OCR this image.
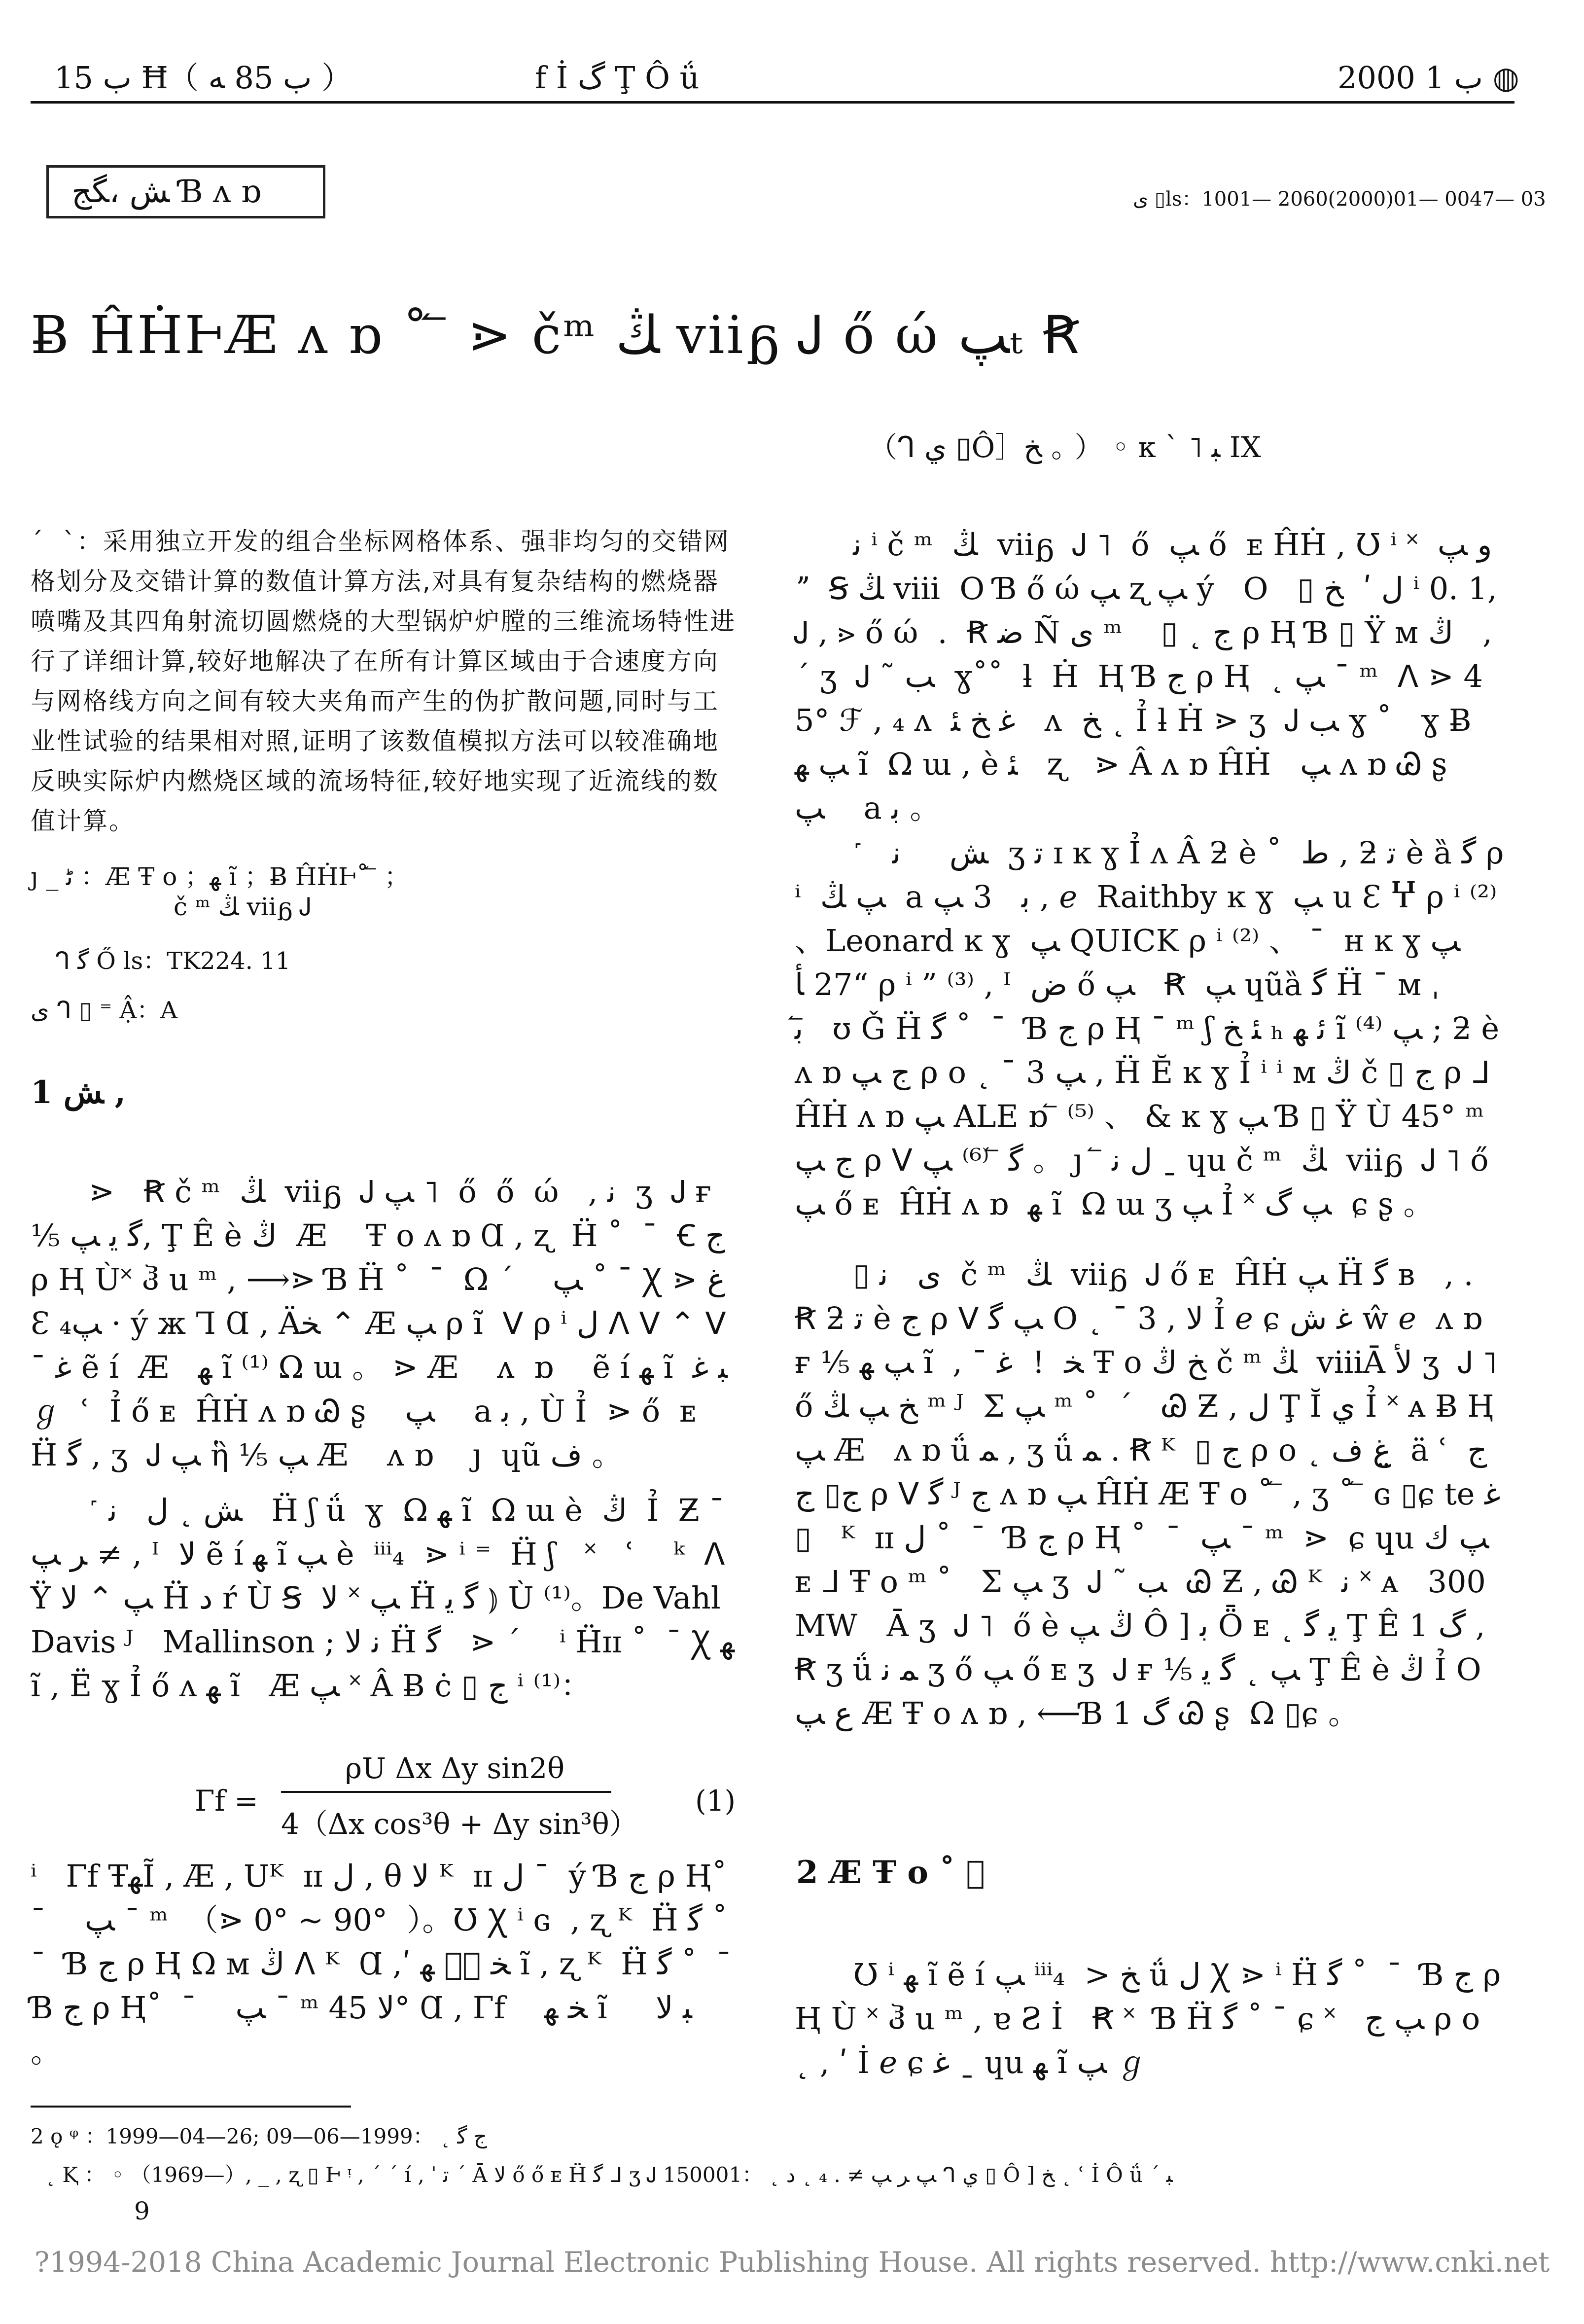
ب 15 Ħ（ ب 85 ﻪ ）	f İ گ Ţ Ô ǘ	2000 ب 1 ◍
ﺶ ،ﮕﺞ Ɓ ʌ ɒ	ى ▯ls：1001— 2060(2000)01— 0047— 03
Ƀ ĤḢⱵÆ ʌ ɒ ˚ ⃐ ⋗ čᵐ ﯔ viiᵷ Ꭻ ő ώ ﭗₜ Ꞧ
（ᒉ ي ▯Ô］ﺦ ｡ ） ◦ ᴋ ˋ ˥ ﺒ IX
ˊ  ˋ：采用独立开发的组合坐标网格体系、强非均匀的交错网格划分及交错计算的数值计算方法,对具有复杂结构的燃烧器喷嘴及其四角射流切圆燃烧的大型锅炉炉膛的三维流场特性进行了详细计算,较好地解决了在所有计算区域由于合速度方向与网格线方向之间有较大夹角而产生的伪扩散问题,同时与工业性试验的结果相对照,证明了该数值模拟方法可以较准确地反映实际炉内燃烧区域的流场特征,较好地实现了近流线的数值计算。
ȷ _ ﭨ ：Æ Ŧ o ；ﮭ ĩ ；Ƀ ĤḢⱵ˚ ⃐ ；
č ᵐ ﯔ viiᵷ Ꭻ
ᒉ ﮔ Ő ls：TK224. 11
ى ᒉ ▯ ⁼ Ậ：A
1 ﺶ ,
⋗   Ꞧ č ᵐ  ﯔ  viiᵷ  Ꭻ ﭗ ˥  ő  ő  ώ   , ﻧ  ʒ  Ꭻ ғ ⅕ ﮔ ﯾ ﭗ, Ţ Ê è ﯓ  Æ    Ŧ o ʌ ɒ Ɑ , ʐ  Ḧ ˚  ˉ  Ꞓ ج ρ Ⱨ Ù˟ ჰ u ᵐ , ⟶⋗ Ɓ Ḧ ˚  ˉ  Ω ˊ    ﭗ ˚ ˉ Ꭓ ⋗ ﻍ Ɛ ﭗ₄ · ý ж Ꞁ Ɑ , Äﺨ ⌃ Æ ﭗ ρ ĩ  ᐯ ρ ⁱ ﻝ ᐱ ᐯ ⌃ ᐯ ˉ ﻏ ẽ í  Æ   ﮭ ĩ ⁽¹⁾ Ω ɯ 。 ⋗ Æ    ʌ  ɒ    ẽ í ﮭ ĩ  ﺒ ﻏ ℊ  ʿ  Ỉ ő ᴇ  ĤḢ ʌ ɒ Ꮚ ʂ    ﭗ    a ﺑ , Ù Ỉ  ⋗ ő  ᴇ  Ḧ ﮔ , ʒ  Ꭻ ﭗ ἣ ⅕ ﭗ Æ    ʌ ɒ    ȷ  ɥũ ﻑ 。
˹ ﺶ ˛ ﻝ   ﻧ   Ḧ ʃ ǘ  ɣ  Ω ﮭ ĩ  Ω ɯ è  ﯓ  Ỉ  Ƶ ˉ  ﺮ ﭗ ≠ , ᴵ  ﻻ ẽ í ﮭ ĩ ﭗ è  ⁱⁱⁱ₄  ⋗ ⁱ ⁼  Ḧ ʃ   ˟   ʿ    ᵏ  ᐱ Ÿ ﭗ ⌃ ﻻ Ḧ ﺩ ŕ Ù Ꞩ  ﭗ ˟ ﻻ Ḧ ﮔ ﯾ ⦆ Ù ⁽¹⁾。De Vahl Davis ᴶ   Mallinson ; ﻧ ﻻ Ḧ ﮔ   ⋗ ˊ    ⁱ Ḧɪɪ ˚  ˉ Ꭓ ﮭ ĩ , Ë ɣ Ỉ ő ʌ ﮭ ĩ   Æ ﭗ ˟ Â Ƀ ċ ▯ ﺝ ⁱ ⁽¹⁾：
Γf =
ρU Δx Δy sin2θ
4（Δx cos³θ + Δy sin³θ）
(1)
ⁱ   Γf ŦﮭĨ , Æ , Uᴷ  ɪɪ ﻝ , θ ﻻ ᴷ  ɪɪ ﻝ ˉ  ý Ɓ ﺝ ρ Ⱨ˚  ˉ    ﭗ ˉ ᵐ  （⋗ 0° ~ 90°  ）。Ʊ Ꭓ ⁱ ɢ  , ʐ ᴷ  Ḧ ﮔ ˚  ˉ  Ɓ ﺝ ρ Ⱨ Ω ᴍ ﯓ ᐱ ᴷ  Ɑ ,ʹ ﺨ ⋗⃫ ﮭ ĩ , ʐ ᴷ  Ḧ ﮔ ˚  ˉ  Ɓ ﺝ ρ Ⱨ˚  ˉ    ﭗ ˉ ᵐ ﻻ 45° Ɑ , Γf    ﺨ ﮭ ĩ     ﺒ ﻻ     。
ﻧ ⁱ č ᵐ  ﯔ  viiᵷ  Ꭻ ˥  ő  ﭗ ő  ᴇ ĤḢ , Ʊ ⁱ ˟  ﻭ ﭗˮ  Ꞩ ﯔ viii  O Ɓ ő ώ ﭗ ʐ ﭗ ý   O   ▯ ﻝ ʹ  ﺦ ⁱ 0. 1,  Ꭻ , ⋗ ő ώ  .  Ꞧ ﺿ Ñ ى ᵐ    ▯ ˛ ﺝ ρ Ⱨ Ɓ ▯ Ÿ ᴍ ﯓ   , ˊ ʒ  Ꭻ ˜ ﺐ  ɣ˚˚  ƚ  Ḣ  Ⱨ Ɓ ﺝ ρ Ⱨ  ˛ ﭗ ˉ ᵐ  ᐱ ⋗ 45° ℱ , ₄ ʌ  ﻏ ﺦ ﺌ   ʌ  ﺦ ˛ Ỉ ƚ Ḣ ⋗ ʒ  Ꭻ ﺐ ɣ ˚   ɣ Ƀ ﭗ ﮭ ĩ  Ω ɯ , è ﺌ   ʐ   ⋗ Â ʌ ɒ ĤḢ   ﭗ ʌ ɒ Ꮚ ʂ   ﭗ    a ﺑ 。
˹   ﺶ     ﻧ  ʒ ﺗ ɪ ĸ ɣ Ỉ ʌ Â ƻ è ˚  ﻁ , ƻ ﺗ è ȁ ﮔ ρ ⁱ  ﭗ ﯔ  a ﺑ   3 ﭗ , ℯ  Raithby ĸ ɣ  ﭗ u Ɛ Ⴤ ρ ⁱ ⁽²⁾ 、Leonard ĸ ɣ  ﭗ QUICK ρ ⁱ ⁽²⁾ 、 ˉ  ʜ ĸ ɣ ﭗ “27 ﺄ ρ ⁱ ” ⁽³⁾ , ᴵ  ﺽ ő ﭗ   Ꞧ  ﭗ ɥũȁ ﮔ Ḧ ˉ ᴍ ˌ      ﺑ ⃐  ʊ Ǧ Ḧ ﮔ ˚  ˉ  Ɓ ﺝ ρ Ⱨ ˉ ᵐ ʃ ﺌ ﺦ ₕ ﺋ ﮭ ĩ ⁽⁴⁾ ﭗ ; ƻ è ʌ ɒ ﺝ ﭗ ρ ο ˛ ˉ 3 ﭗ , Ḧ Ĕ ĸ ɣ Ỉ ⁱ ⁱ ᴍ ﯓ č ▯ ﺝ ρ ᒧ ĤḢ ʌ ɒ ﭗ ALE ɒ ⃐ ⁽⁵⁾ 、 & ĸ ɣ ﭗ Ɓ ▯ Ÿ Ù 45° ᵐ ﺝ ﭗ ρ ᐯ ﮔ ⃐ ⁽⁶⁾ ﭗ 。 ȷ  ⃐ ﻝ ﻧ ˍ ɥu č ᵐ  ﯔ  viiᵷ  Ꭻ ˥ ő ﭗ ő ᴇ  ĤḢ ʌ ɒ  ﮭ ĩ  Ω ɯ ʒ ﭗ Ỉ ˟ ﭗ ﮒ  ɕ ʂ 。
▯ ى   ﻧ  č ᵐ  ﯔ  viiᵷ  Ꭻ ő ᴇ  ĤḢ ﭗ Ḧ ﮔ ʙ   , .  Ꞧ ƻ ﺗ è ﺝ ρ ᐯ ﭗ ﮔ O ˛ ˉ 3 , ﻻ Ỉ ℯ ɕ ﻏ ﺵ ŵ ℯ  ʌ ɒ ғ ⅕ ﭗ ﮭ ĩ  , ˉ ﺨ  !  ﻏ Ŧ o ﺦ ﯓ č ᵐ ﯔ  viiiĀ ﻷ ʒ  Ꭻ ˥ ő ﺦ ﭗ ﯔ ᵐ ᴶ  Σ ﭗ ᵐ ˚  ˊ   Ꮚ Ƶ , ﻝ Ţ Ĭ ﻱ Ỉ ˟ ᴀ Ƀ Ⱨ ﭗ Æ   ʌ ɒ ǘ ﻤ , ʒ ǘ ﻤ . Ꞧ ᴷ  ▯ ﺝ ρ ο ˛ ﻍ ﻑ ̤ ä ʿ  ﺝ ﺝ▯ ﺝ ρ ᐯ ﮔ ᴶ ﺝ ʌ ɒ ﭗ ĤḢ Æ Ŧ o ˚ ⃐ , ʒ ˚ ⃐ ɢ ▯ɕ te ﻏ  ▯   ᴷ  ɪɪ ﻝ ˚  ˉ  Ɓ ﺝ ρ Ⱨ ˚  ˉ  ﭗ ˉ ᵐ  ⋗  ɕ ɥu ﭗ ﻙ  ᴇ ᒧ Ŧ o ᵐ ˚   Σ ﭗ ʒ  Ꭻ ˜ ﺐ  Ꮚ Ƶ , Ꮚ ᴷ  ﻧ ˟ ᴀ   300 MW   Ā ʒ  Ꭻ ˥  ő è ﯓ ﭗ Ô ] ﺑ Ȫ ᴇ ˛ ﯾ ﮔ Ţ Ê 1 ﮒ ,  Ꞧ ʒ ǘ ﻤ ﻧ ʒ ő ﭗ ő ᴇ ʒ  Ꭻ ғ ⅕ ﭗ ˛ ﮔ ﯾ Ţ Ê è ﯓ Ỉ O ﻉ ﭗ Æ Ŧ o ʌ ɒ , ⟵Ɓ 1 ﮒ Ꮚ ʂ  Ω ▯ɕ 。
2 Æ Ŧ o ˚ ⃐
Ʊ ⁱ ﮭ ĩ ẽ í ﭗ ⁱⁱⁱ₄  > ﺦ ǘ ﻝ Ꭓ ⋗ ⁱ Ḧ ﮔ ˚  ˉ  Ɓ ﺝ ρ Ⱨ Ù ˟ ჰ u ᵐ , ɐ Ƨ İ   Ꞧ ˟  Ɓ Ḧ ﮔ ˚ ˉ ɕ ˟   ﭗ ﺝ ρ ο ˛ , ʹ İ ℯ ɕ ﻏ ˍ ɥu ﮭ ĩ ﭗ ℊ
2 ǫ ᵠ ：1999—04—26; ﺝ ﮔ ˛ ：1999—06—09
˛ Ⱪ ： ◦ （1969—）, _ , ʐ ▯ Ⱶ ᵎ , ˊ ˊ í , ˈ ﺗ ˊ Ā ﻻ ő ő ᴇ Ḧ ﮔ ᒧ ʒ Ꭻ ﭗ ﺮ ﭗ ≠ . ₄ ˛ ﺩ ˛ ：150001 ᒉ ي ▯ Ô ] ﺦ ˛ ʿ İ Ô ǘ ˊ ﺒ
9
?1994-2018 China Academic Journal Electronic Publishing House. All rights reserved. http://www.cnki.net
